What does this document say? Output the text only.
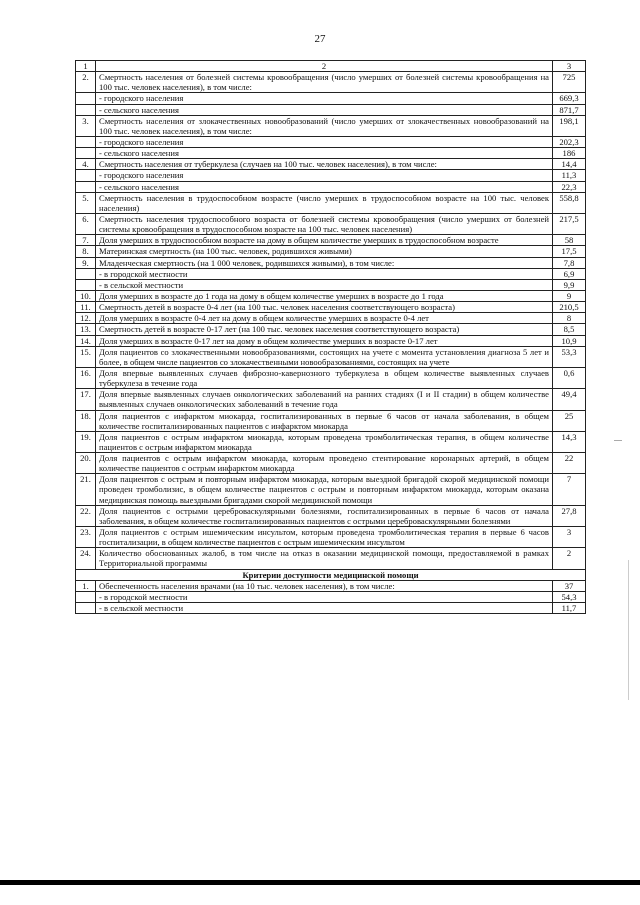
27
1	2	3
2.	Смертность населения от болезней системы кровообращения (число умерших от болезней системы кровообращения на 100 тыс. человек населения), в том числе:	725
	- городского населения	669,3
	- сельского населения	871,7
3.	Смертность населения от злокачественных новообразований (число умерших от злокачественных новообразований на 100 тыс. человек населения), в том числе:	198,1
	- городского населения	202,3
	- сельского населения	186
4.	Смертность населения от туберкулеза (случаев на 100 тыс. человек населения), в том числе:	14,4
	- городского населения	11,3
	- сельского населения	22,3
5.	Смертность населения в трудоспособном возрасте (число умерших в трудоспособном возрасте на 100 тыс. человек населения)	558,8
6.	Смертность населения трудоспособного возраста от болезней системы кровообращения (число умерших от болезней системы кровообращения в трудоспособном возрасте на 100 тыс. человек населения)	217,5
7.	Доля умерших в трудоспособном возрасте на дому в общем количестве умерших в трудоспособном возрасте	58
8.	Материнская смертность (на 100 тыс. человек, родившихся живыми)	17,5
9.	Младенческая смертность (на 1 000 человек, родившихся живыми), в том числе:	7,8
	- в городской местности	6,9
	- в сельской местности	9,9
10.	Доля умерших в возрасте до 1 года на дому в общем количестве умерших в возрасте до 1 года	9
11.	Смертность детей в возрасте 0-4 лет (на 100 тыс. человек населения соответствующего возраста)	210,5
12.	Доля умерших в возрасте 0-4 лет на дому в общем количестве умерших в возрасте 0-4 лет	8
13.	Смертность детей в возрасте 0-17 лет (на 100 тыс. человек населения соответствующего возраста)	8,5
14.	Доля умерших в возрасте 0-17 лет на дому в общем количестве умерших в возрасте 0-17 лет	10,9
15.	Доля пациентов со злокачественными новообразованиями, состоящих на учете с момента установления диагноза 5 лет и более, в общем числе пациентов со злокачественными новообразованиями, состоящих на учете	53,3
16.	Доля впервые выявленных случаев фиброзно-кавернозного туберкулеза в общем количестве выявленных случаев туберкулеза в течение года	0,6
17.	Доля впервые выявленных случаев онкологических заболеваний на ранних стадиях (I и II стадии) в общем количестве выявленных случаев онкологических заболеваний в течение года	49,4
18.	Доля пациентов с инфарктом миокарда, госпитализированных в первые 6 часов от начала заболевания, в общем количестве госпитализированных пациентов с инфарктом миокарда	25
19.	Доля пациентов с острым инфарктом миокарда, которым проведена тромболитическая терапия, в общем количестве пациентов с острым инфарктом миокарда	14,3
20.	Доля пациентов с острым инфарктом миокарда, которым проведено стентирование коронарных артерий, в общем количестве пациентов с острым инфарктом миокарда	22
21.	Доля пациентов с острым и повторным инфарктом миокарда, которым выездной бригадой скорой медицинской помощи проведен тромболизис, в общем количестве пациентов с острым и повторным инфарктом миокарда, которым оказана медицинская помощь выездными бригадами скорой медицинской помощи	7
22.	Доля пациентов с острыми цереброваскулярными болезнями, госпитализированных в первые 6 часов от начала заболевания, в общем количестве госпитализированных пациентов с острыми цереброваскулярными болезнями	27,8
23.	Доля пациентов с острым ишемическим инсультом, которым проведена тромболитическая терапия в первые 6 часов госпитализации, в общем количестве пациентов с острым ишемическим инсультом	3
24.	Количество обоснованных жалоб, в том числе на отказ в оказании медицинской помощи, предоставляемой в рамках Территориальной программы	2
Критерии доступности медицинской помощи		
1.	Обеспеченность населения врачами (на 10 тыс. человек населения), в том числе:	37
	- в городской местности	54,3
	- в сельской местности	11,7
